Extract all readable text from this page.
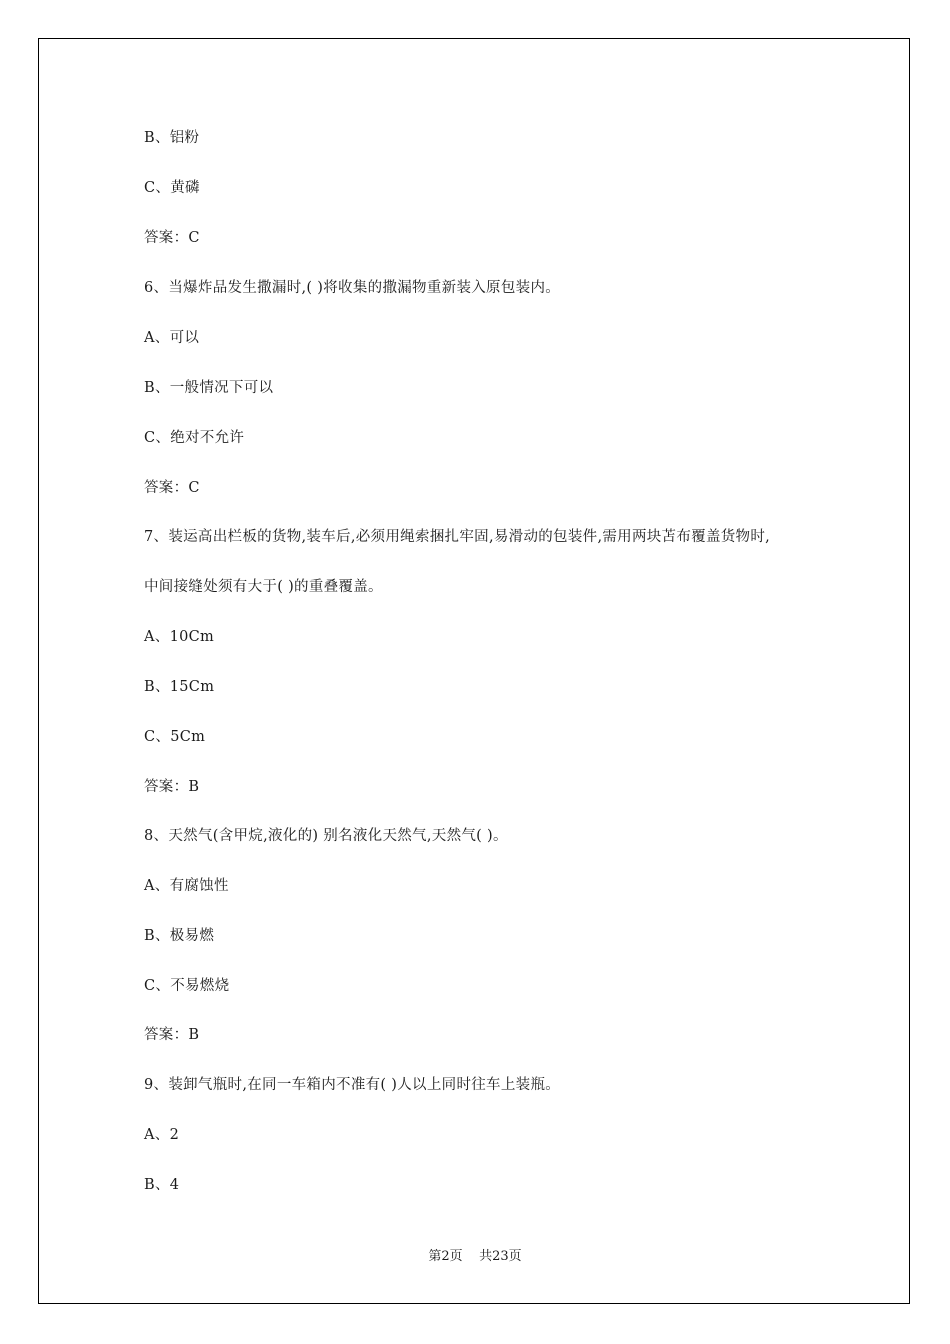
B、铝粉
C、黄磷
答案：C
6、当爆炸品发生撒漏时,( )将收集的撒漏物重新装入原包装内。
A、可以
B、一般情况下可以
C、绝对不允许
答案：C
7、装运高出栏板的货物,装车后,必须用绳索捆扎牢固,易滑动的包装件,需用两块苫布覆盖货物时,
中间接缝处须有大于( )的重叠覆盖。
A、10Cm
B、15Cm
C、5Cm
答案：B
8、天然气(含甲烷,液化的) 别名液化天然气,天然气( )。
A、有腐蚀性
B、极易燃
C、不易燃烧
答案：B
9、装卸气瓶时,在同一车箱内不准有( )人以上同时往车上装瓶。
A、2
B、4
第2页    共23页
